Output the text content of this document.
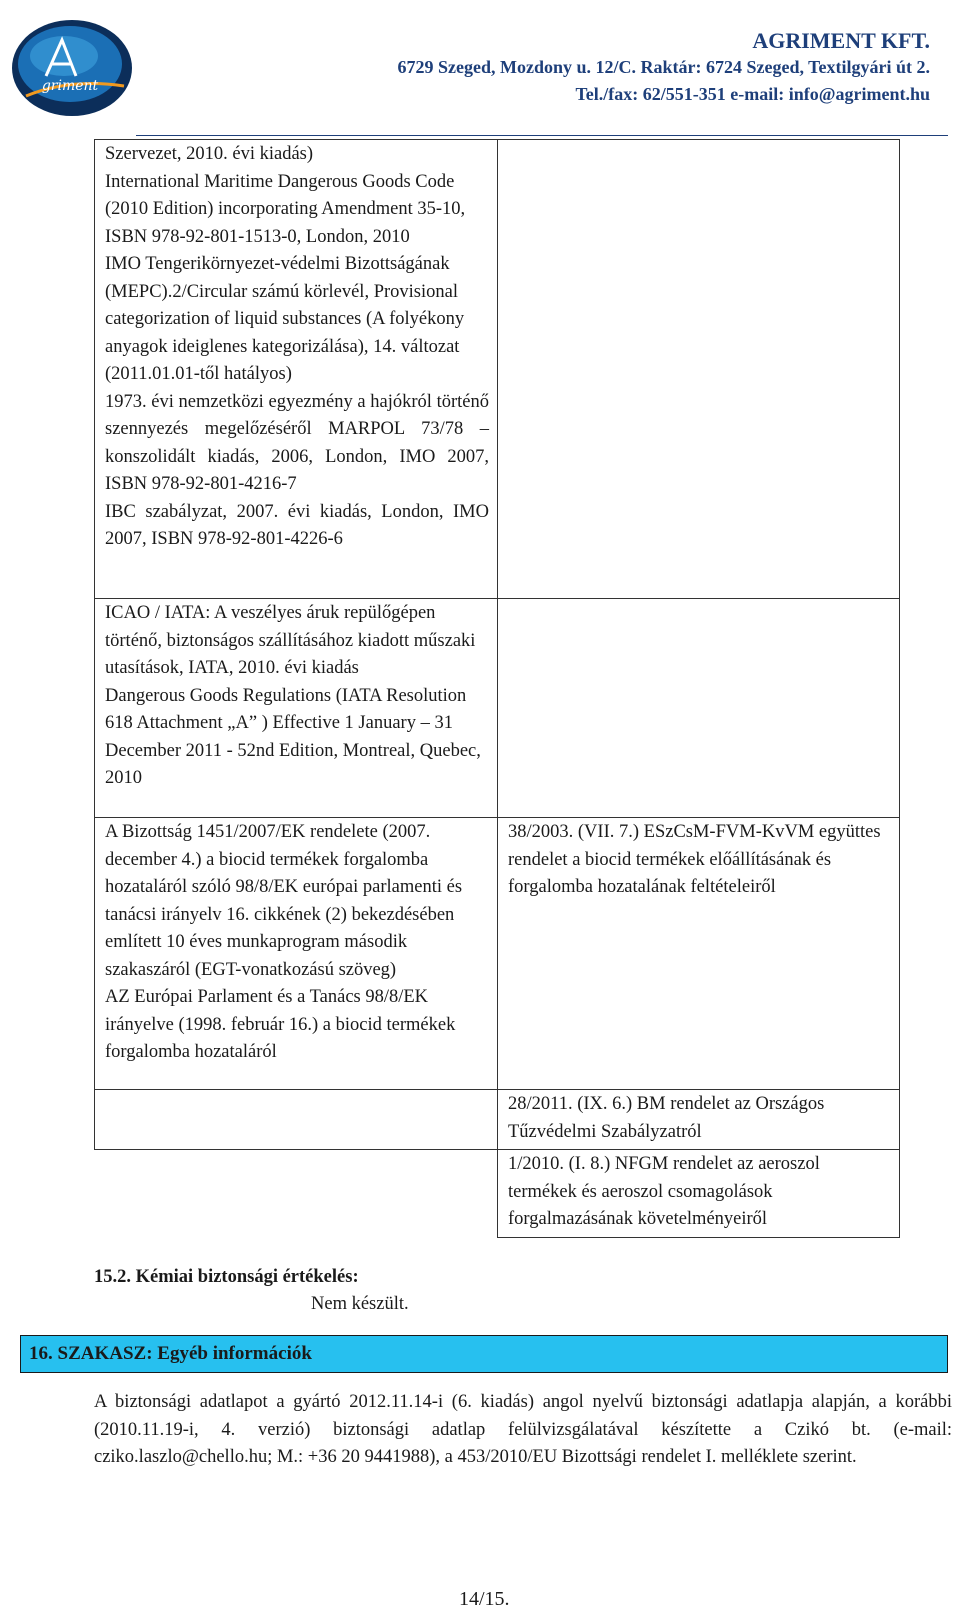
griment
AGRIMENT KFT.
6729 Szeged, Mozdony u. 12/C. Raktár: 6724 Szeged, Textilgyári út 2.
Tel./fax: 62/551-351 e-mail: info@agriment.hu
Szervezet, 2010. évi kiadás)
International Maritime Dangerous Goods Code (2010 Edition) incorporating Amendment 35-10, ISBN 978-92-801-1513-0, London, 2010
IMO Tengerikörnyezet-védelmi Bizottságának (MEPC).2/Circular számú körlevél, Provisional categorization of liquid substances (A folyékony anyagok ideiglenes kategorizálása), 14. változat (2011.01.01-től hatályos)
1973. évi nemzetközi egyezmény a hajókról történő szennyezés megelőzéséről MARPOL 73/78 – konszolidált kiadás, 2006, London, IMO 2007, ISBN 978-92-801-4216-7
IBC szabályzat, 2007. évi kiadás, London, IMO 2007, ISBN 978-92-801-4226-6	

ICAO / IATA: A veszélyes áruk repülőgépen történő, biztonságos szállításához kiadott műszaki utasítások, IATA, 2010. évi kiadás
Dangerous Goods Regulations (IATA Resolution 618 Attachment „A” ) Effective 1 January – 31 December 2011 - 52nd Edition, Montreal, Quebec, 2010	

A Bizottság 1451/2007/EK rendelete (2007. december 4.) a biocid termékek forgalomba hozataláról szóló 98/8/EK európai parlamenti és tanácsi irányelv 16. cikkének (2) bekezdésében említett 10 éves munkaprogram második szakaszáról (EGT-vonatkozású szöveg)
AZ Európai Parlament és a Tanács 98/8/EK irányelve (1998. február 16.) a biocid termékek forgalomba hozataláról	38/2003. (VII. 7.) ESzCsM-FVM-KvVM együttes rendelet a biocid termékek előállításának és forgalomba hozatalának feltételeiről

	28/2011. (IX. 6.) BM rendelet az Országos Tűzvédelmi Szabályzatról

	1/2010. (I. 8.) NFGM rendelet az aeroszol termékek és aeroszol csomagolások forgalmazásának követelményeiről
15.2. Kémiai biztonsági értékelés:
Nem készült.
16. SZAKASZ: Egyéb információk
A biztonsági adatlapot a gyártó 2012.11.14-i (6. kiadás) angol nyelvű biztonsági adatlapja alapján, a korábbi (2010.11.19-i, 4. verzió) biztonsági adatlap felülvizsgálatával készítette a Czikó bt. (e-mail: cziko.laszlo@chello.hu; M.: +36 20 9441988), a 453/2010/EU Bizottsági rendelet I. melléklete szerint.
14/15.
